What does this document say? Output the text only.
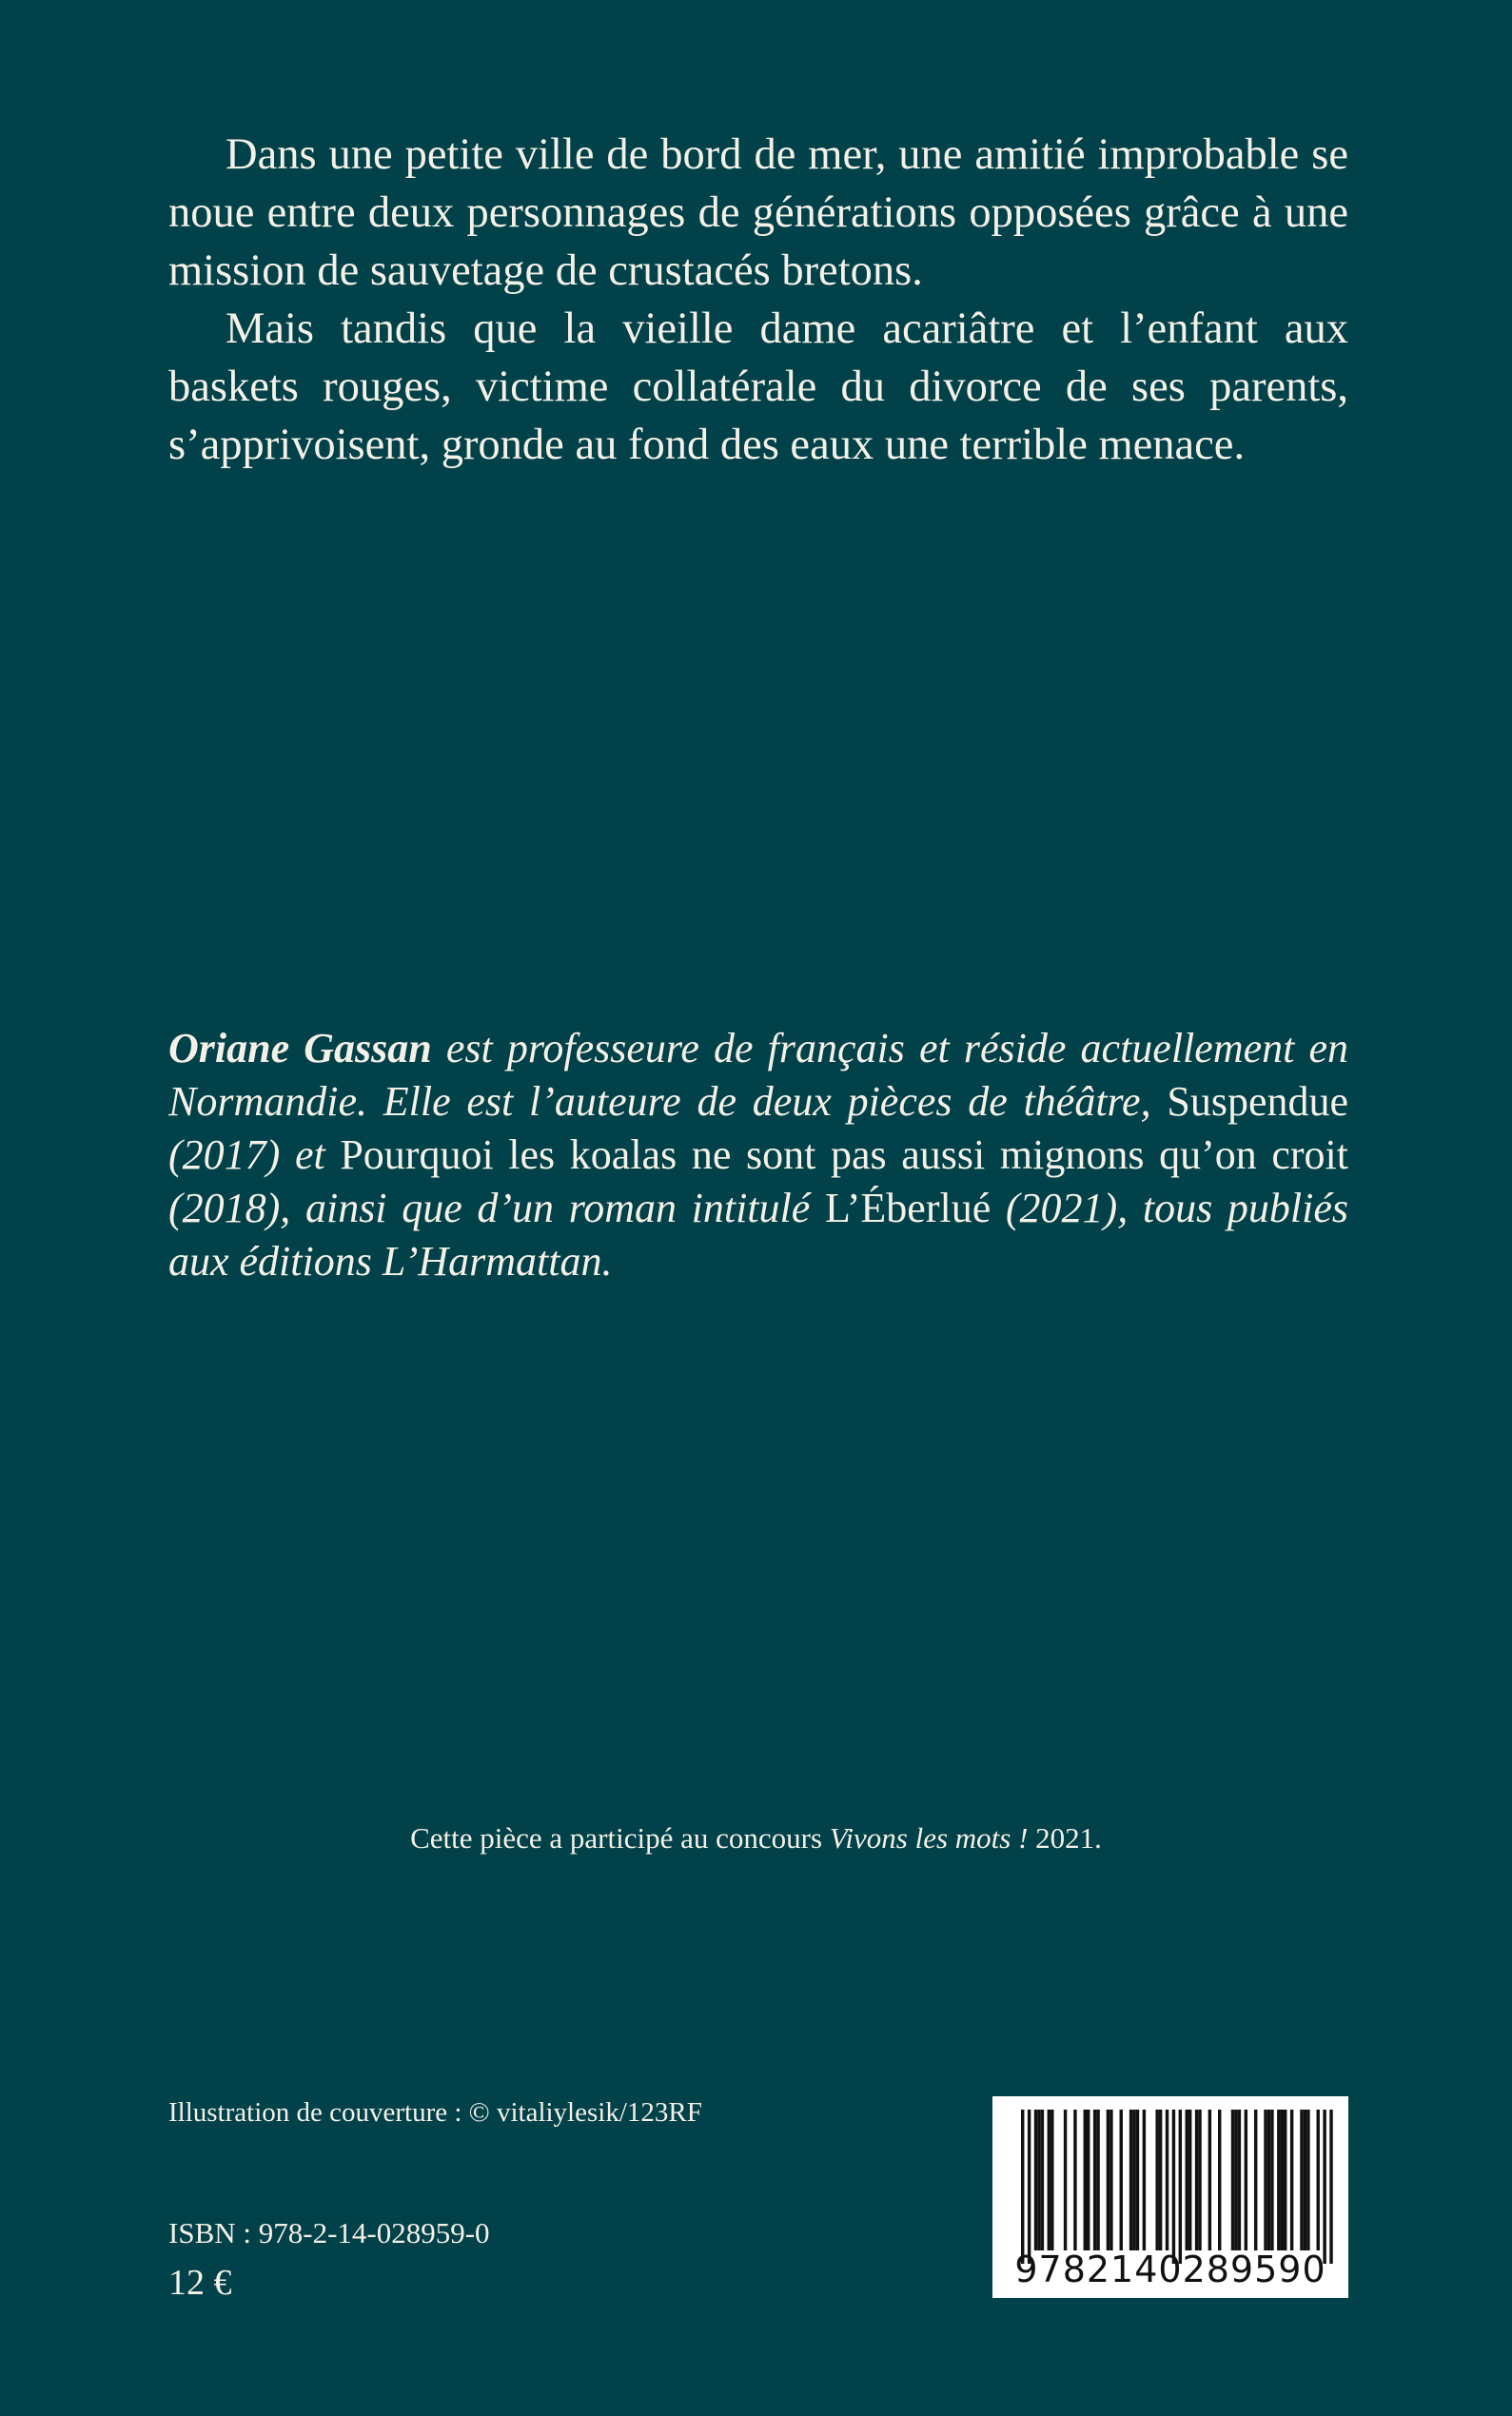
Dans une petite ville de bord de mer, une amitié improbable se noue entre deux personnages de générations opposées grâce à une mission de sauvetage de crustacés bretons.

Mais tandis que la vieille dame acariâtre et l’enfant aux baskets rouges, victime collatérale du divorce de ses parents, s’apprivoisent, gronde au fond des eaux une terrible menace.

Oriane Gassan est professeure de français et réside actuellement en Normandie. Elle est l’auteure de deux pièces de théâtre, Suspendue (2017) et Pourquoi les koalas ne sont pas aussi mignons qu’on croit (2018), ainsi que d’un roman intitulé L’Éberlué (2021), tous publiés aux éditions L’Harmattan.

Cette pièce a participé au concours Vivons les mots ! 2021.
Illustration de couverture : © vitaliylesik/123RF
ISBN : 978-2-14-028959-0
12 €	9782140289590
